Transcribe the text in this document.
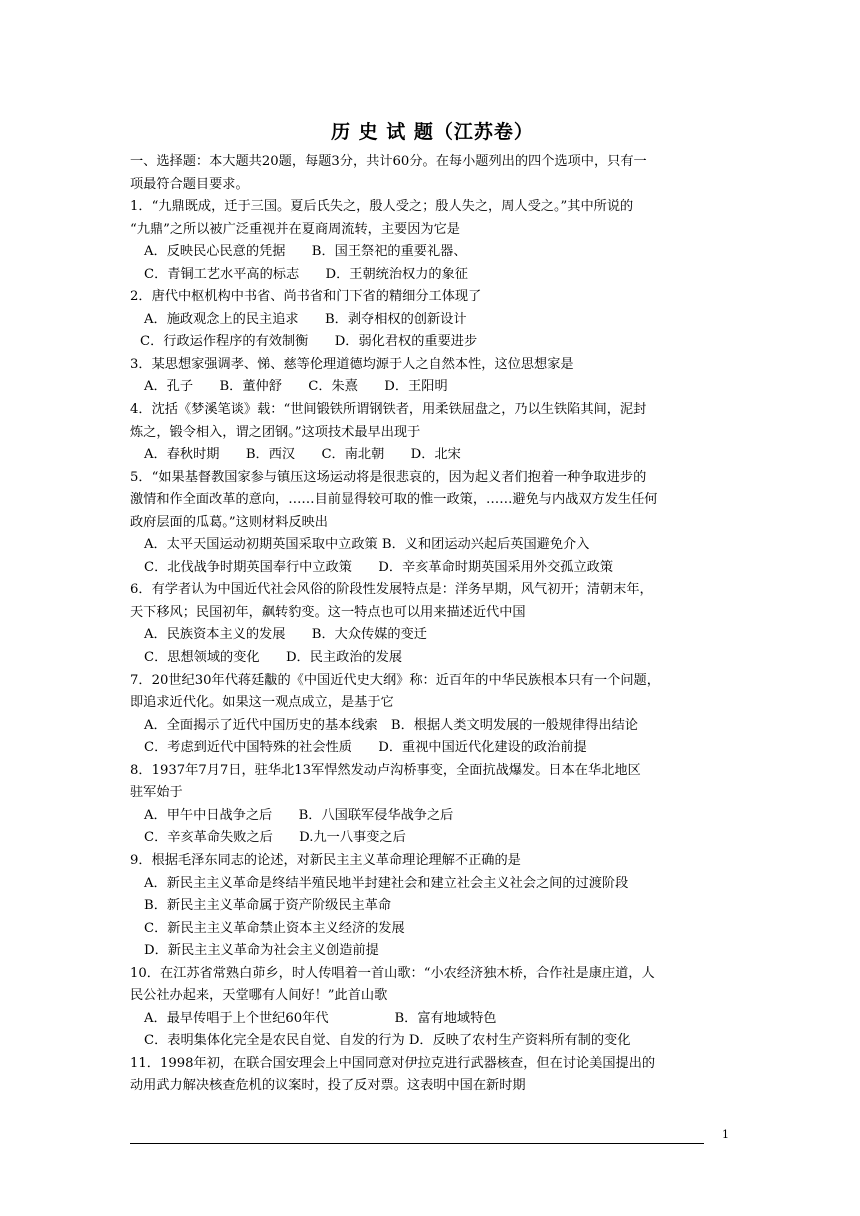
历 史 试 题（江苏卷）
一、选择题：本大题共20题，每题3分，共计60分。在每小题列出的四个选项中，只有一
项最符合题目要求。
1．“九鼎既成，迁于三国。夏后氏失之，殷人受之；殷人失之，周人受之。”其中所说的
“九鼎”之所以被广泛重视并在夏商周流转，主要因为它是
A．反映民心民意的凭据　　B．国王祭祀的重要礼器、
C．青铜工艺水平高的标志　　D．王朝统治权力的象征
2．唐代中枢机构中书省、尚书省和门下省的精细分工体现了
A．施政观念上的民主追求　　B．剥夺相权的创新设计
C．行政运作程序的有效制衡　　D．弱化君权的重要进步
3．某思想家强调孝、悌、慈等伦理道德均源于人之自然本性，这位思想家是
A．孔子　　B．董仲舒　　C．朱熹　　D．王阳明
4．沈括《梦溪笔谈》载：“世间锻铁所谓钢铁者，用柔铁屈盘之，乃以生铁陷其间，泥封
炼之，锻令相入，谓之团钢。”这项技术最早出现于
A．春秋时期　　B．西汉　　C．南北朝　　D．北宋
5．“如果基督教国家参与镇压这场运动将是很悲哀的，因为起义者们抱着一种争取进步的
激情和作全面改革的意向，……目前显得较可取的惟一政策，……避免与内战双方发生任何
政府层面的瓜葛。”这则材料反映出
A．太平天国运动初期英国采取中立政策 B．义和团运动兴起后英国避免介入
C．北伐战争时期英国奉行中立政策　　D．辛亥革命时期英国采用外交孤立政策
6．有学者认为中国近代社会风俗的阶段性发展特点是：洋务早期，风气初开；清朝末年，
天下移风；民国初年，飙转豹变。这一特点也可以用来描述近代中国
A．民族资本主义的发展　　B．大众传媒的变迁
C．思想领域的变化　　D．民主政治的发展
7．20世纪30年代蒋廷黻的《中国近代史大纲》称：近百年的中华民族根本只有一个问题，
即追求近代化。如果这一观点成立，是基于它
A．全面揭示了近代中国历史的基本线索　B．根据人类文明发展的一般规律得出结论
C．考虑到近代中国特殊的社会性质　　D．重视中国近代化建设的政治前提
8．1937年7月7日，驻华北13军悍然发动卢沟桥事变，全面抗战爆发。日本在华北地区
驻军始于
A．甲午中日战争之后　　B．八国联军侵华战争之后
C．辛亥革命失败之后　　D.九一八事变之后
9．根据毛泽东同志的论述，对新民主主义革命理论理解不正确的是
A．新民主主义革命是终结半殖民地半封建社会和建立社会主义社会之间的过渡阶段
B．新民主主义革命属于资产阶级民主革命
C．新民主主义革命禁止资本主义经济的发展
D．新民主主义革命为社会主义创造前提
10．在江苏省常熟白茆乡，时人传唱着一首山歌：“小农经济独木桥，合作社是康庄道，人
民公社办起来，天堂哪有人间好！”此首山歌
A．最早传唱于上个世纪60年代　　　　　B．富有地域特色
C．表明集体化完全是农民自觉、自发的行为 D．反映了农村生产资料所有制的变化
11．1998年初，在联合国安理会上中国同意对伊拉克进行武器核查，但在讨论美国提出的
动用武力解决核查危机的议案时，投了反对票。这表明中国在新时期
1
